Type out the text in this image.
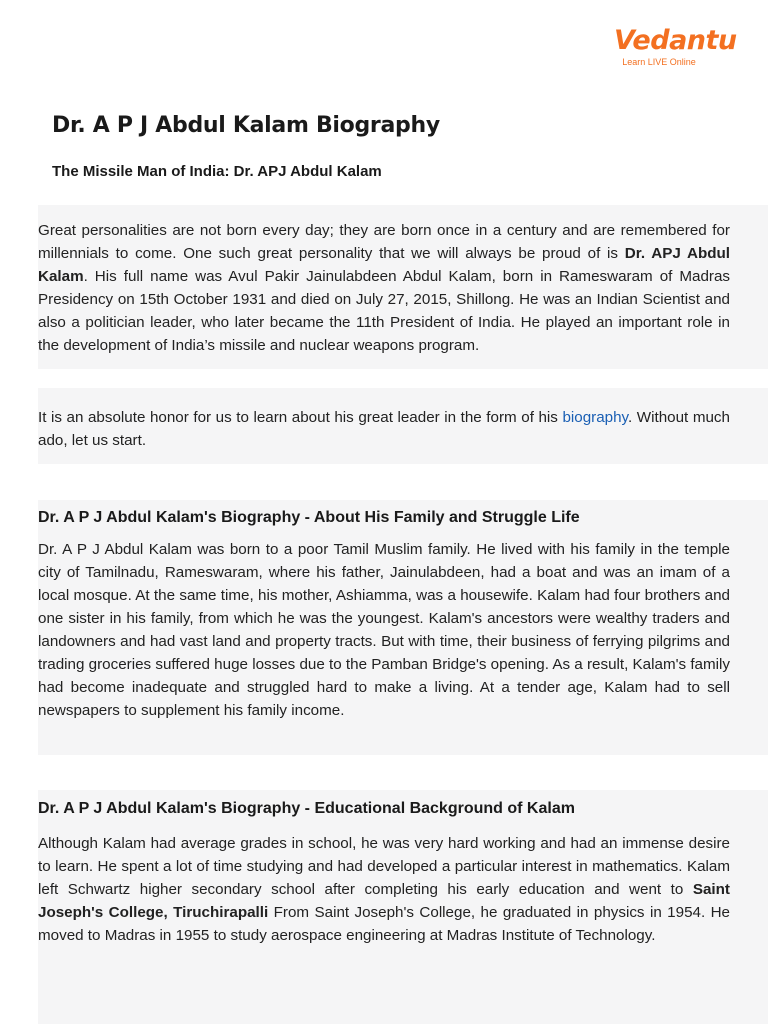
Vedantu
Learn LIVE Online
Dr. A P J Abdul Kalam Biography
The Missile Man of India: Dr. APJ Abdul Kalam
Great personalities are not born every day; they are born once in a century and are remembered for millennials to come. One such great personality that we will always be proud of is Dr. APJ Abdul Kalam. His full name was Avul Pakir Jainulabdeen Abdul Kalam, born in Rameswaram of Madras Presidency on 15th October 1931 and died on July 27, 2015, Shillong. He was an Indian Scientist and also a politician leader, who later became the 11th President of India. He played an important role in the development of India’s missile and nuclear weapons program.
It is an absolute honor for us to learn about his great leader in the form of his biography. Without much ado, let us start.
Dr. A P J Abdul Kalam's Biography - About His Family and Struggle Life
Dr. A P J Abdul Kalam was born to a poor Tamil Muslim family. He lived with his family in the temple city of Tamilnadu, Rameswaram, where his father, Jainulabdeen, had a boat and was an imam of a local mosque. At the same time, his mother, Ashiamma, was a housewife. Kalam had four brothers and one sister in his family, from which he was the youngest. Kalam's ancestors were wealthy traders and landowners and had vast land and property tracts. But with time, their business of ferrying pilgrims and trading groceries suffered huge losses due to the Pamban Bridge's opening. As a result, Kalam's family had become inadequate and struggled hard to make a living. At a tender age, Kalam had to sell newspapers to supplement his family income.
Dr. A P J Abdul Kalam's Biography - Educational Background of Kalam
Although Kalam had average grades in school, he was very hard working and had an immense desire to learn. He spent a lot of time studying and had developed a particular interest in mathematics. Kalam left Schwartz higher secondary school after completing his early education and went to Saint Joseph's College, Tiruchirapalli From Saint Joseph's College, he graduated in physics in 1954. He moved to Madras in 1955 to study aerospace engineering at Madras Institute of Technology.
